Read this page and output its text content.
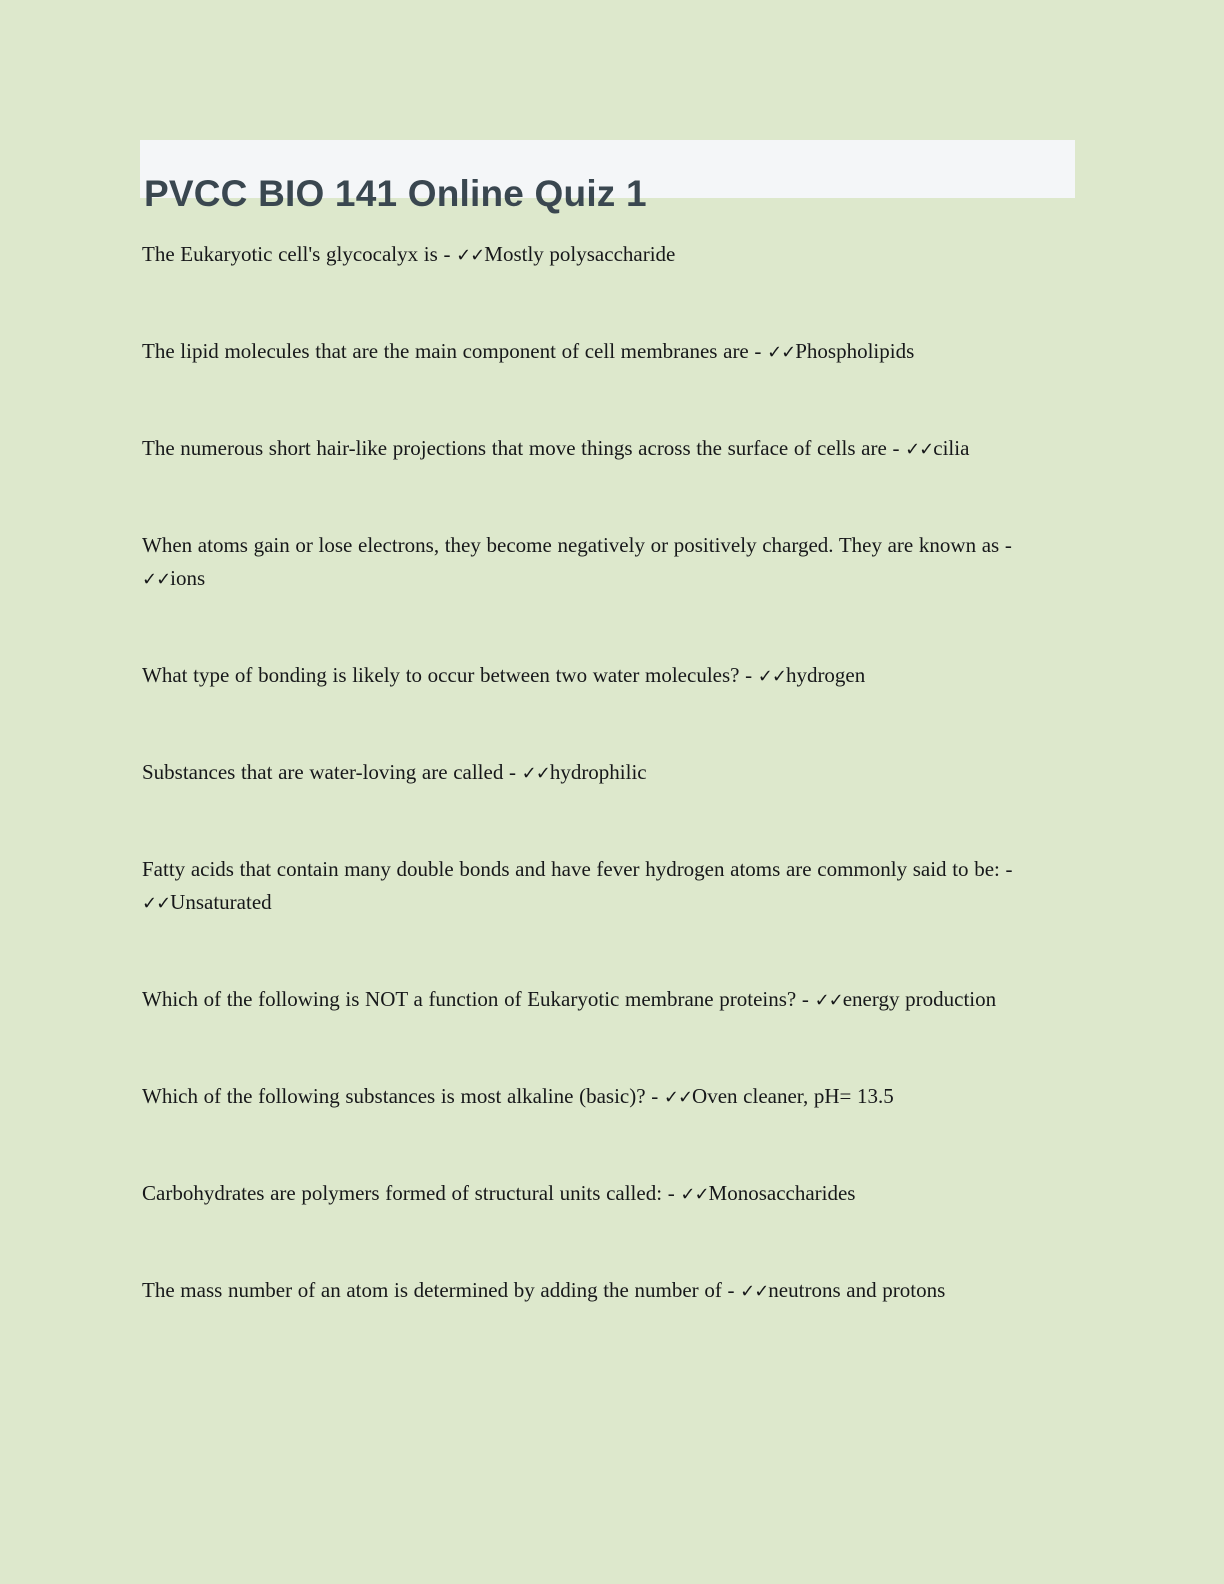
PVCC BIO 141 Online Quiz 1

The Eukaryotic cell's glycocalyx is - ✓✓Mostly polysaccharide

The lipid molecules that are the main component of cell membranes are - ✓✓Phospholipids

The numerous short hair-like projections that move things across the surface of cells are - ✓✓cilia

When atoms gain or lose electrons, they become negatively or positively charged. They are known as - ✓✓ions

What type of bonding is likely to occur between two water molecules? - ✓✓hydrogen

Substances that are water-loving are called - ✓✓hydrophilic

Fatty acids that contain many double bonds and have fever hydrogen atoms are commonly said to be: - ✓✓Unsaturated

Which of the following is NOT a function of Eukaryotic membrane proteins? - ✓✓energy production

Which of the following substances is most alkaline (basic)? - ✓✓Oven cleaner, pH= 13.5

Carbohydrates are polymers formed of structural units called: - ✓✓Monosaccharides

The mass number of an atom is determined by adding the number of - ✓✓neutrons and protons
